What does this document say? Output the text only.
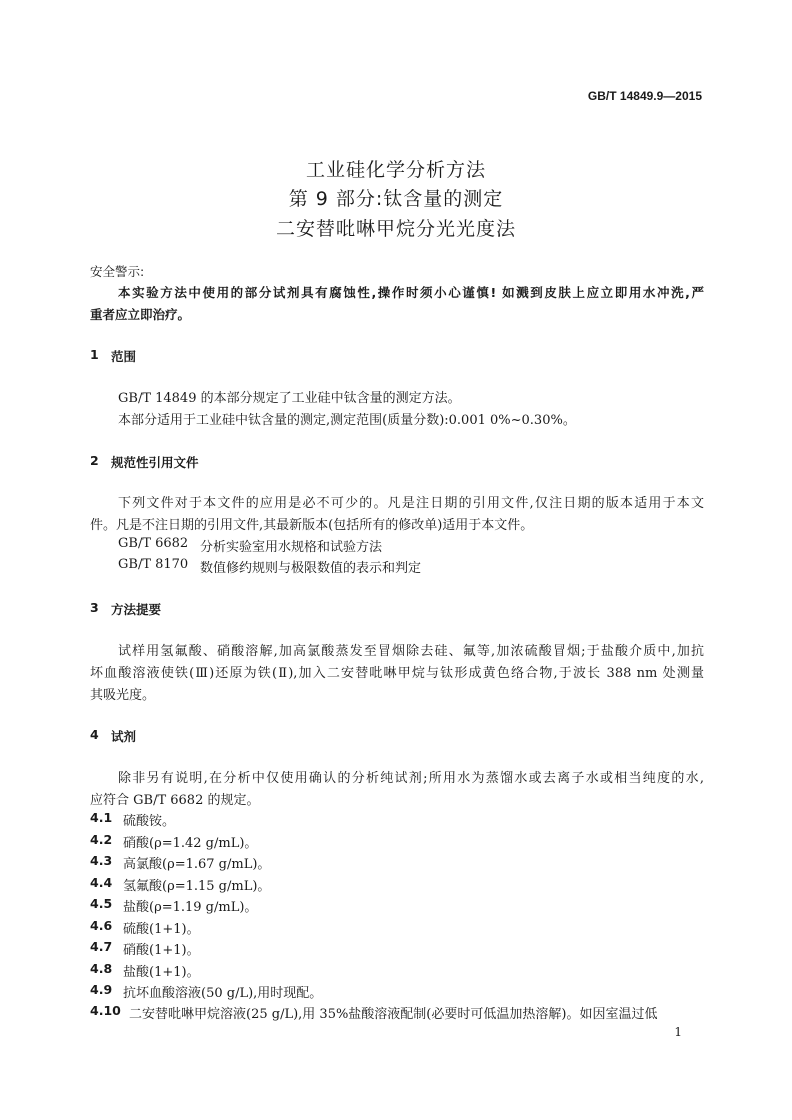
GB/T 14849.9—2015
工业硅化学分析方法
第 9 部分:钛含量的测定
二安替吡啉甲烷分光光度法
安全警示:
本实验方法中使用的部分试剂具有腐蚀性,操作时须小心谨慎! 如溅到皮肤上应立即用水冲洗,严
重者应立即治疗。
1 范围
GB/T 14849 的本部分规定了工业硅中钛含量的测定方法。
本部分适用于工业硅中钛含量的测定,测定范围(质量分数):0.001 0%~0.30%。
2 规范性引用文件
下列文件对于本文件的应用是必不可少的。凡是注日期的引用文件,仅注日期的版本适用于本文
件。凡是不注日期的引用文件,其最新版本(包括所有的修改单)适用于本文件。
GB/T 6682 分析实验室用水规格和试验方法
GB/T 8170 数值修约规则与极限数值的表示和判定
3 方法提要
试样用氢氟酸、硝酸溶解,加高氯酸蒸发至冒烟除去硅、氟等,加浓硫酸冒烟;于盐酸介质中,加抗
坏血酸溶液使铁(Ⅲ)还原为铁(Ⅱ),加入二安替吡啉甲烷与钛形成黄色络合物,于波长 388 nm 处测量
其吸光度。
4 试剂
除非另有说明,在分析中仅使用确认的分析纯试剂;所用水为蒸馏水或去离子水或相当纯度的水,
应符合 GB/T 6682 的规定。
4.1 硫酸铵。
4.2 硝酸(ρ=1.42 g/mL)。
4.3 高氯酸(ρ=1.67 g/mL)。
4.4 氢氟酸(ρ=1.15 g/mL)。
4.5 盐酸(ρ=1.19 g/mL)。
4.6 硫酸(1+1)。
4.7 硝酸(1+1)。
4.8 盐酸(1+1)。
4.9 抗坏血酸溶液(50 g/L),用时现配。
4.10 二安替吡啉甲烷溶液(25 g/L),用 35%盐酸溶液配制(必要时可低温加热溶解)。如因室温过低
1
